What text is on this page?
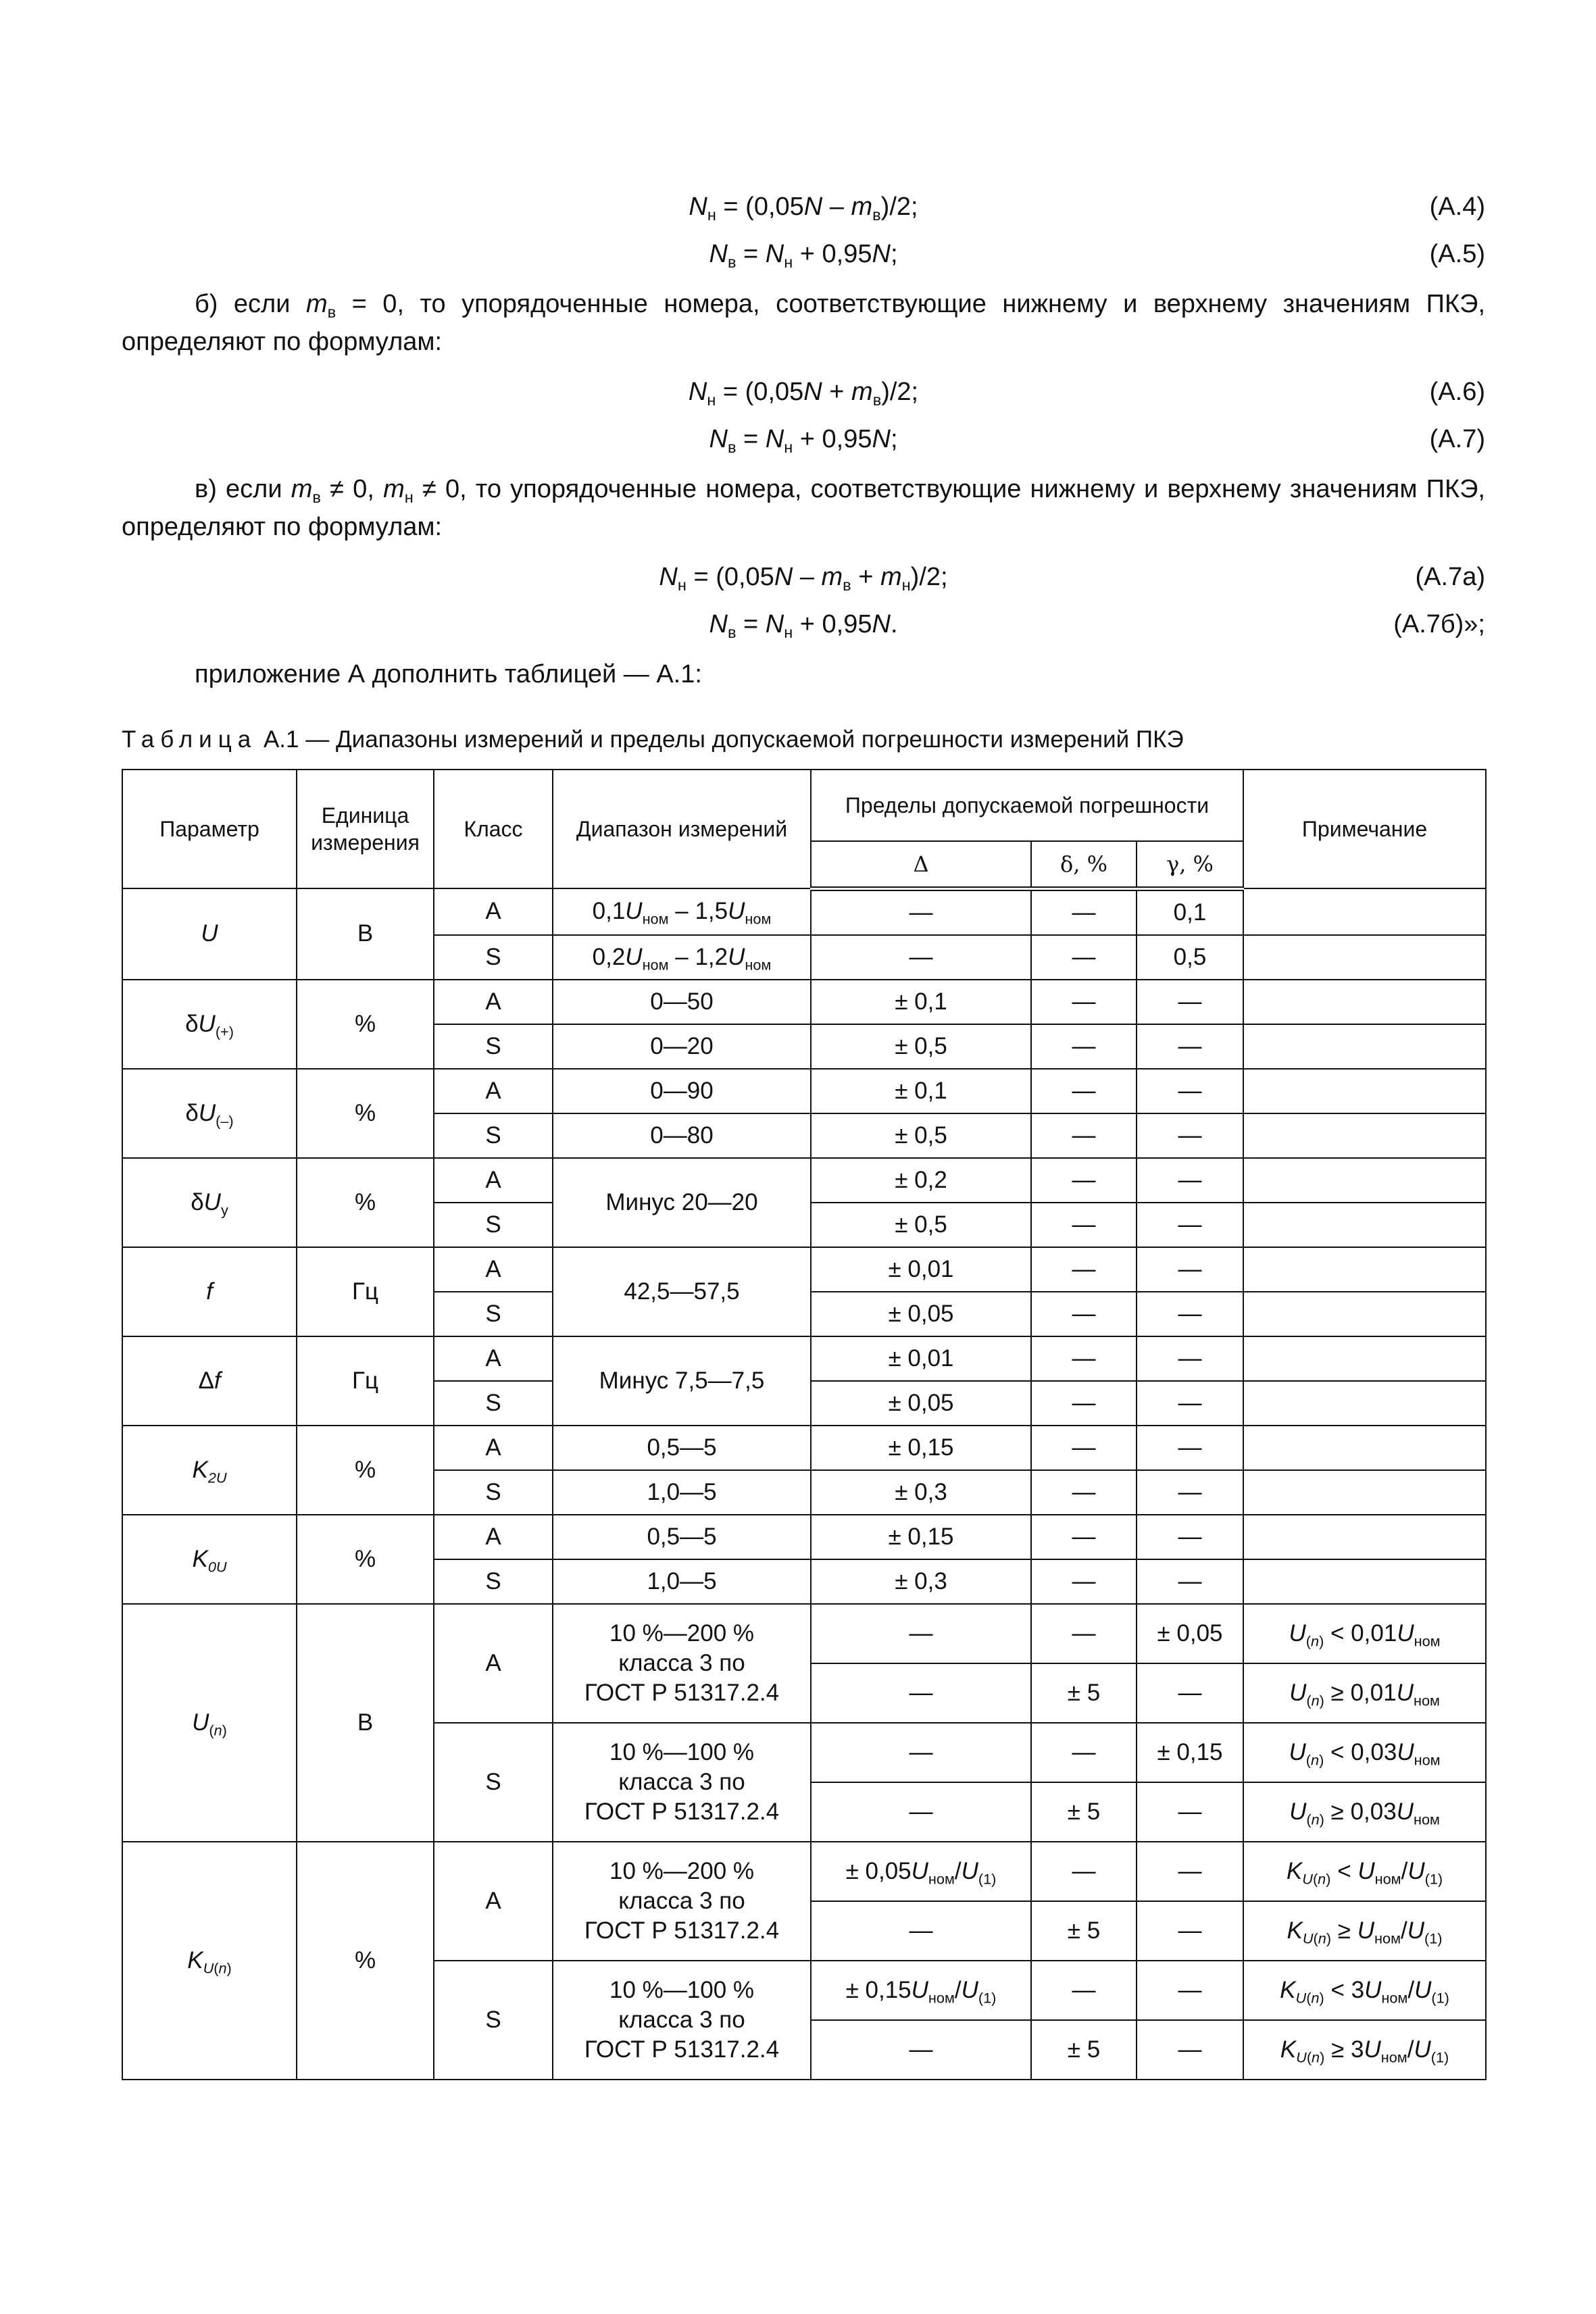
$N_н = (0,05N - m_в)/2$;	(А.4)
$N_в = N_н + 0,95N$;	(А.5)

б) если $m_в = 0$, то упорядоченные номера, соответствующие нижнему и верхнему значениям ПКЭ, определяют по формулам:

$N_н = (0,05N + m_в)/2$;	(А.6)
$N_в = N_н + 0,95N$;	(А.7)

в) если $m_в \ne 0$, $m_н \ne 0$, то упорядоченные номера, соответствующие нижнему и верхнему значениям ПКЭ, определяют по формулам:

$N_н = (0,05N - m_в + m_н)/2$;	(А.7а)
$N_в = N_н + 0,95N$.	(А.7б)»;

приложение А дополнить таблицей — А.1:

Таблица А.1 — Диапазоны измерений и пределы допускаемой погрешности измерений ПКЭ
Параметр	Единица измерения	Класс	Диапазон измерений	Пределы допускаемой погрешности			Примечание
				Δ	δ, %	γ, %	
U	В	A	$0,1U_{ном} - 1,5U_{ном}$	—	—	0,1	
		S	$0,2U_{ном} - 1,2U_{ном}$	—	—	0,5	
$\delta U_{(+)}$	%	A	0—50	± 0,1	—	—	
		S	0—20	± 0,5	—	—	
$\delta U_{(-)}$	%	A	0—90	± 0,1	—	—	
		S	0—80	± 0,5	—	—	
$\delta U_у$	%	A	Минус 20—20	± 0,2	—	—	
		S		± 0,5	—	—	
f	Гц	A	42,5—57,5	± 0,01	—	—	
		S		± 0,05	—	—	
Δf	Гц	A	Минус 7,5—7,5	± 0,01	—	—	
		S		± 0,05	—	—	
$K_{2U}$	%	A	0,5—5	± 0,15	—	—	
		S	1,0—5	± 0,3	—	—	
$K_{0U}$	%	A	0,5—5	± 0,15	—	—	
		S	1,0—5	± 0,3	—	—	
$U_{(n)}$	В	A	10 %—200 %
класса 3 по
ГОСТ Р 51317.2.4	—	—	± 0,05	$U_{(n)} < 0,01U_{ном}$
				—	± 5	—	$U_{(n)} \ge 0,01U_{ном}$
		S	10 %—100 %
класса 3 по
ГОСТ Р 51317.2.4	—	—	± 0,15	$U_{(n)} < 0,03U_{ном}$
				—	± 5	—	$U_{(n)} \ge 0,03U_{ном}$
$K_{U(n)}$	%	A	10 %—200 %
класса 3 по
ГОСТ Р 51317.2.4	± $0,05U_{ном}/U_{(1)}$	—	—	$K_{U(n)} < U_{ном}/U_{(1)}$
				—	± 5	—	$K_{U(n)} \ge U_{ном}/U_{(1)}$
		S	10 %—100 %
класса 3 по
ГОСТ Р 51317.2.4	± $0,15U_{ном}/U_{(1)}$	—	—	$K_{U(n)} < 3U_{ном}/U_{(1)}$
				—	± 5	—	$K_{U(n)} \ge 3U_{ном}/U_{(1)}$
